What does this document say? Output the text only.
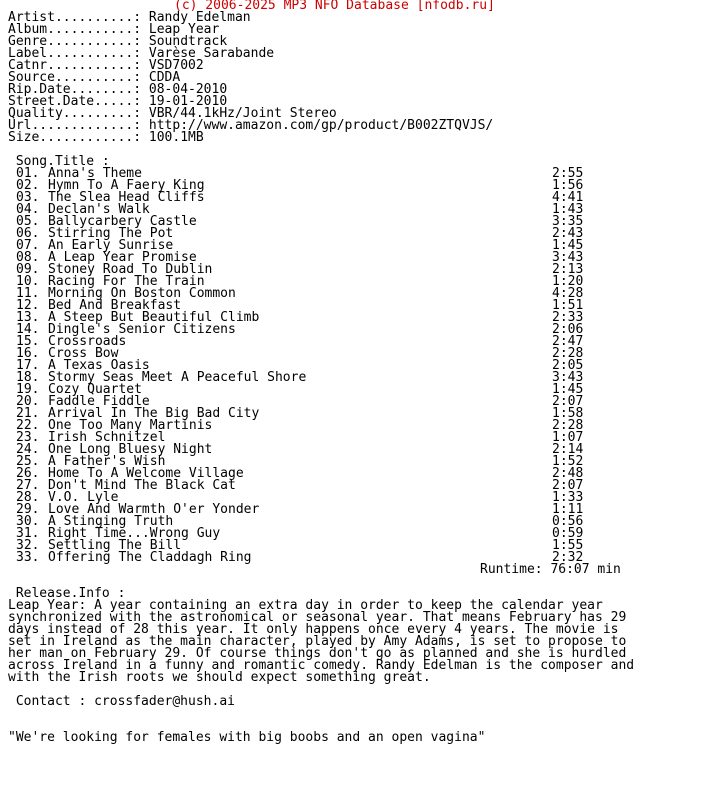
(c) 2006-2025 MP3 NFO Database [nfodb.ru]
Artist..........: Randy Edelman
Album...........: Leap Year
Genre...........: Soundtrack
Label...........: Varèse Sarabande
Catnr...........: VSD7002
Source..........: CDDA
Rip.Date........: 08-04-2010
Street.Date.....: 19-01-2010
Quality.........: VBR/44.1kHz/Joint Stereo
Url.............: http://www.amazon.com/gp/product/B002ZTQVJS/
Size............: 100.1MB
Song.Title :
01. Anna's Theme	2:55
02. Hymn To A Faery King	1:56
03. The Slea Head Cliffs	4:41
04. Declan's Walk	1:43
05. Ballycarbery Castle	3:35
06. Stirring The Pot	2:43
07. An Early Sunrise	1:45
08. A Leap Year Promise	3:43
09. Stoney Road To Dublin	2:13
10. Racing For The Train	1:20
11. Morning On Boston Common	4:28
12. Bed And Breakfast	1:51
13. A Steep But Beautiful Climb	2:33
14. Dingle's Senior Citizens	2:06
15. Crossroads	2:47
16. Cross Bow	2:28
17. A Texas Oasis	2:05
18. Stormy Seas Meet A Peaceful Shore	3:43
19. Cozy Quartet	1:45
20. Faddle Fiddle	2:07
21. Arrival In The Big Bad City	1:58
22. One Too Many Martinis	2:28
23. Irish Schnitzel	1:07
24. One Long Bluesy Night	2:14
25. A Father's Wish	1:52
26. Home To A Welcome Village	2:48
27. Don't Mind The Black Cat	2:07
28. V.O. Lyle	1:33
29. Love And Warmth O'er Yonder	1:11
30. A Stinging Truth	0:56
31. Right Time...Wrong Guy	0:59
32. Settling The Bill	1:55
33. Offering The Claddagh Ring	2:32
Runtime: 76:07 min
Release.Info :
Leap Year: A year containing an extra day in order to keep the calendar year
synchronized with the astronomical or seasonal year. That means February has 29
days instead of 28 this year. It only happens once every 4 years. The movie is
set in Ireland as the main character, played by Amy Adams, is set to propose to
her man on February 29. Of course things don't go as planned and she is hurdled
across Ireland in a funny and romantic comedy. Randy Edelman is the composer and
with the Irish roots we should expect something great.
Contact : crossfader@hush.ai
"We're looking for females with big boobs and an open vagina"
